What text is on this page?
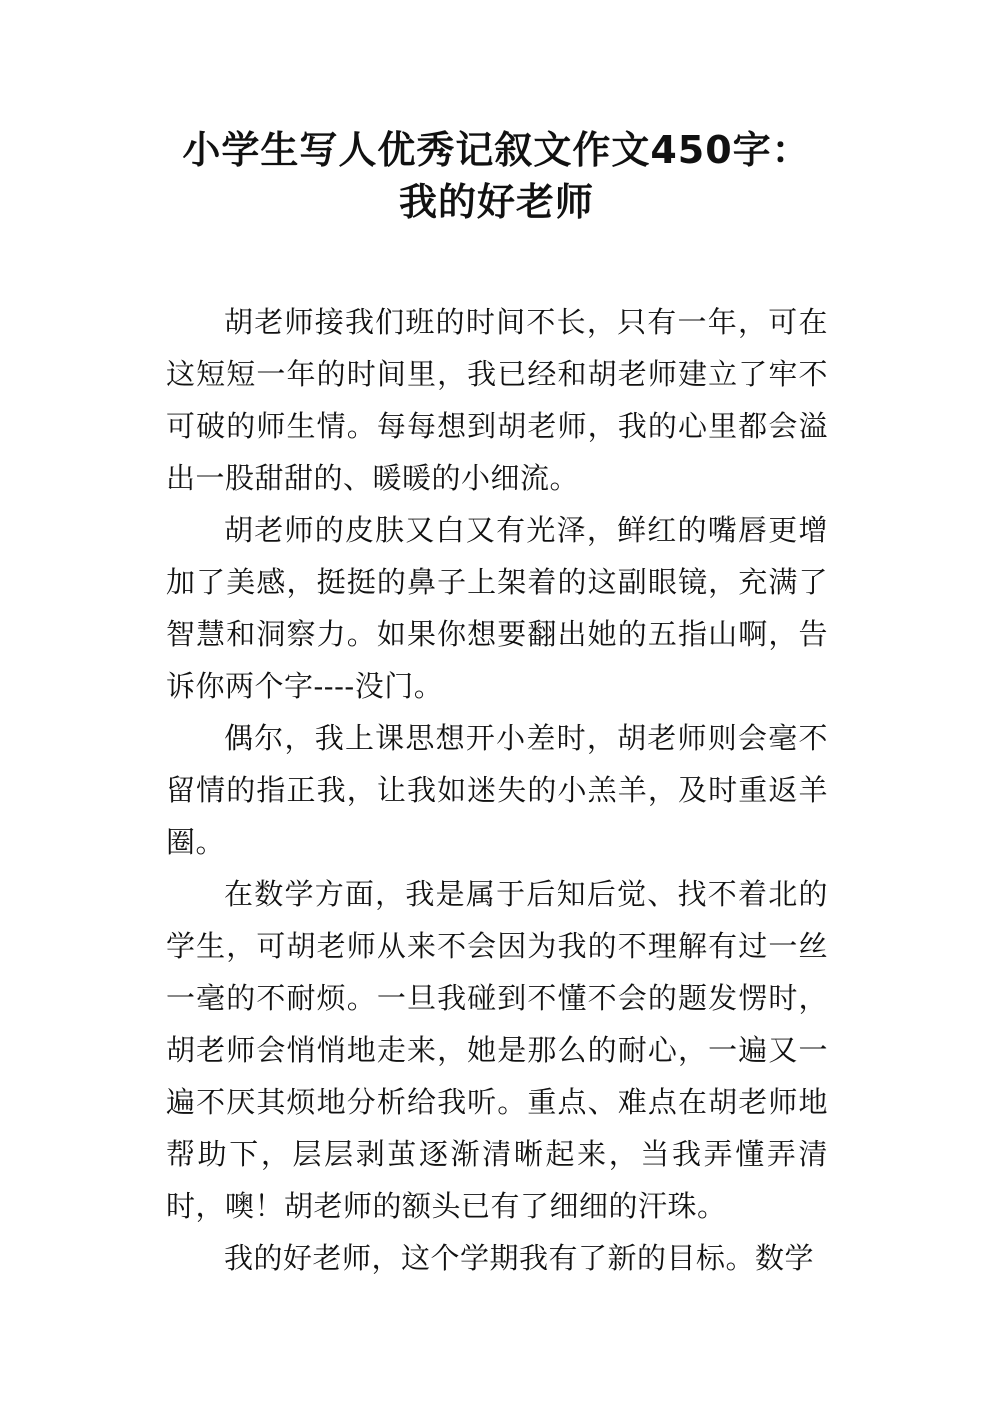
小学生写人优秀记叙文作文450字：
我的好老师

胡老师接我们班的时间不长，只有一年，可在这短短一年的时间里，我已经和胡老师建立了牢不可破的师生情。每每想到胡老师，我的心里都会溢出一股甜甜的、暖暖的小细流。

胡老师的皮肤又白又有光泽，鲜红的嘴唇更增加了美感，挺挺的鼻子上架着的这副眼镜，充满了智慧和洞察力。如果你想要翻出她的五指山啊，告诉你两个字----没门。

偶尔，我上课思想开小差时，胡老师则会毫不留情的指正我，让我如迷失的小羔羊，及时重返羊圈。

在数学方面，我是属于后知后觉、找不着北的学生，可胡老师从来不会因为我的不理解有过一丝一毫的不耐烦。一旦我碰到不懂不会的题发愣时，胡老师会悄悄地走来，她是那么的耐心，一遍又一遍不厌其烦地分析给我听。重点、难点在胡老师地帮助下，层层剥茧逐渐清晰起来，当我弄懂弄清时，噢！胡老师的额头已有了细细的汗珠。

我的好老师，这个学期我有了新的目标。数学
